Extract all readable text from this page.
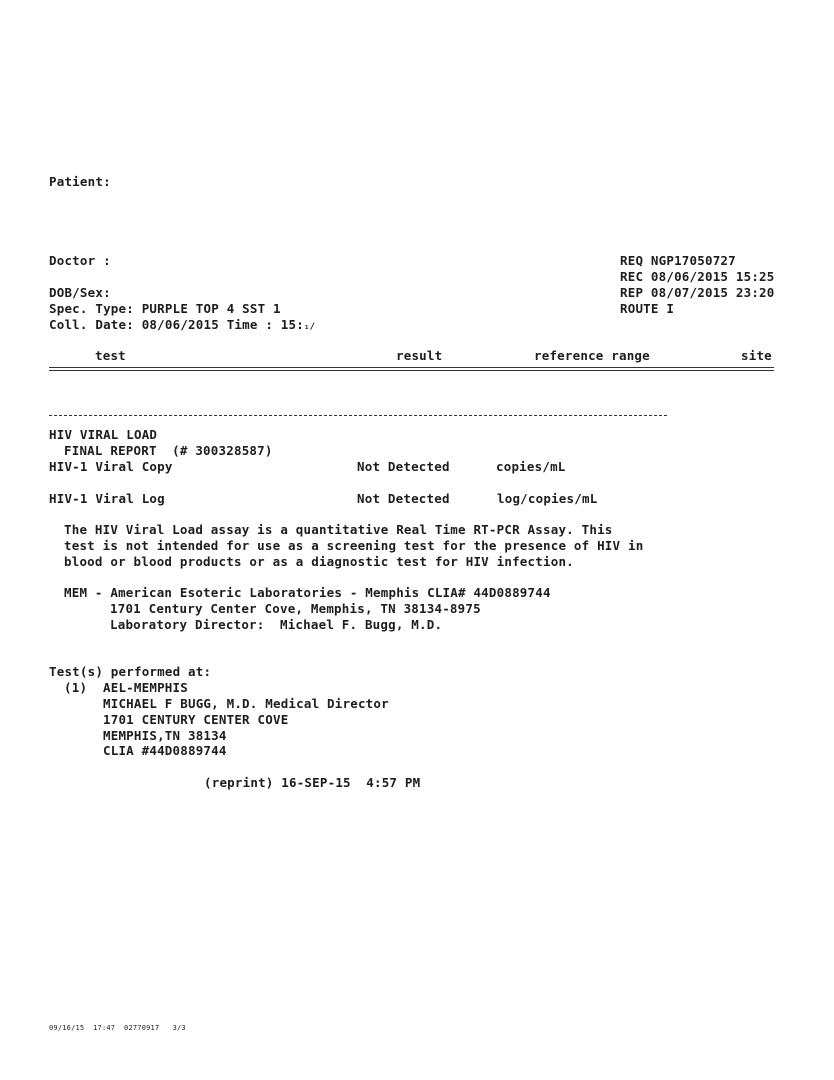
Patient:
Doctor :
DOB/Sex:
Spec. Type: PURPLE TOP 4 SST 1
Coll. Date: 08/06/2015 Time : 15:₁/
REQ NGP17050727
REC 08/06/2015 15:25
REP 08/07/2015 23:20
ROUTE I
test	result	reference range	site
HIV VIRAL LOAD
FINAL REPORT  (# 300328587)
HIV-1 Viral Copy	Not Detected	copies/mL
HIV-1 Viral Log	Not Detected	log/copies/mL
The HIV Viral Load assay is a quantitative Real Time RT-PCR Assay. This
test is not intended for use as a screening test for the presence of HIV in
blood or blood products or as a diagnostic test for HIV infection.
MEM - American Esoteric Laboratories - Memphis CLIA# 44D0889744
1701 Century Center Cove, Memphis, TN 38134-8975
Laboratory Director:  Michael F. Bugg, M.D.
Test(s) performed at:
(1) AEL-MEMPHIS
MICHAEL F BUGG, M.D. Medical Director
1701 CENTURY CENTER COVE
MEMPHIS,TN 38134
CLIA #44D0889744
(reprint) 16-SEP-15  4:57 PM
09/16/15  17:47  02770917   3/3
